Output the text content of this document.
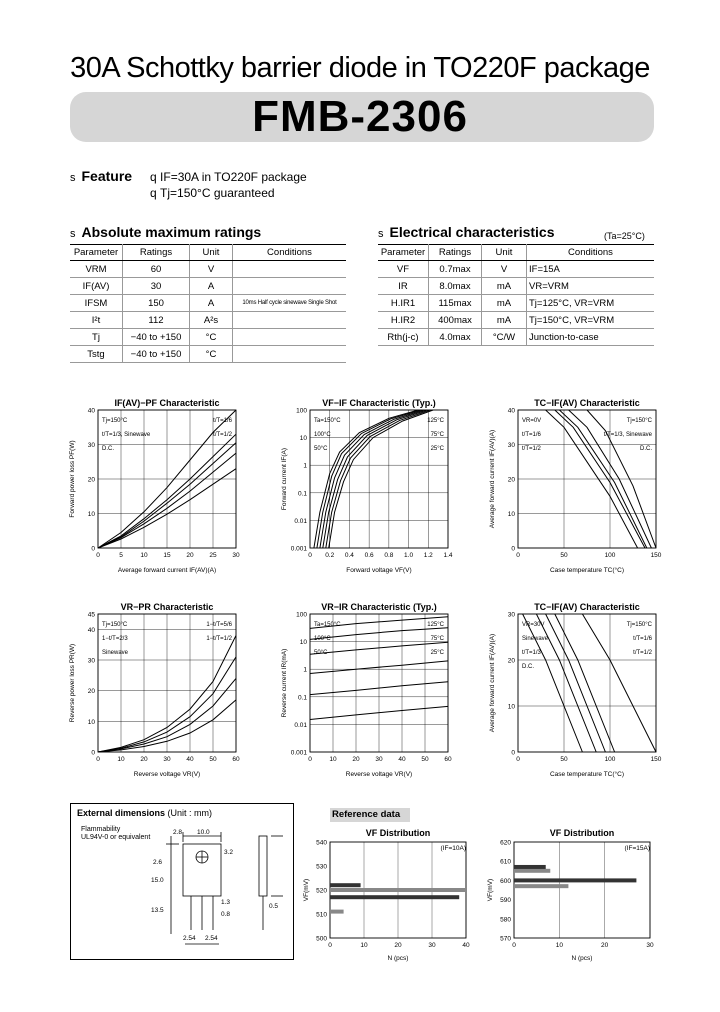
30A Schottky barrier diode in TO220F package
FMB-2306
s Feature q IF=30A in TO220F package
q Tj=150°C guaranteed
s Absolute maximum ratings
Parameter	Ratings	Unit	Conditions
VRM	60	V	
IF(AV)	30	A	
IFSM	150	A	10ms Half cycle sinewave Single Shot
I²t	112	A²s	
Tj	−40 to +150	°C	
Tstg	−40 to +150	°C	
s Electrical characteristics	(Ta=25°C)
Parameter	Ratings	Unit	Conditions
VF	0.7max	V	IF=15A
IR	8.0max	mA	VR=VRM
H.IR1	115max	mA	Tj=125°C, VR=VRM
H.IR2	400max	mA	Tj=150°C, VR=VRM
Rth(j-c)	4.0max	°C/W	Junction-to-case
IF(AV)−PF Characteristic
0	5	10 15 20 25 30
0
10
20
30
40
Average forward current IF(AV)(A)
Forward power loss PF(W)
Tj=150°C	t/T=1/6
t/T=1/3, Sinewave	t/T=1/2
D.C.
VF−IF Characteristic (Typ.)
0 0.2 0.4 0.6 0.8 1.0 1.2 1.4
0.001
0.01
0.1
1
10
100
Forward voltage VF(V)
Forward current IF(A)
Ta=150°C	125°C
100°C	75°C
50°C	25°C
TC−IF(AV) Characteristic
0	50	100	150
0
10
20
30
40
Case temperature TC(°C)
Average forward current IF(AV)(A)
VR=0V	Tj=150°C
t/T=1/6	t/T=1/3, Sinewave
t/T=1/2	D.C.
VR−PR Characteristic
0	10 20 30 40 50 60
0
10
20
30
40
45
Reverse voltage VR(V)
Reverse power loss PR(W)
Tj=150°C	1−t/T=5/6
1−t/T=2/3	1−t/T=1/2
Sinewave
VR−IR Characteristic (Typ.)
0	10 20 30 40 50 60
0.001
0.01
0.1
1
10
100
Reverse voltage VR(V)
Reverse current IR(mA)
Ta=150°C	125°C
100°C	75°C
50°C	25°C
TC−IF(AV) Characteristic
0	50	100	150
0
10
20
30
Case temperature TC(°C)
Average forward current IF(AV)(A)
VR=30V	Tj=150°C
Sinewave	t/T=1/6
t/T=1/3	t/T=1/2
D.C.
VF Distribution
(IF=10A)
0	10	20	30	40
500
510
520
530
540
N (pcs)
VF(mV)
VF Distribution
(IF=15A)
0	10	20	30
570
580
590
600
610
620
N (pcs)
VF(mV)
External dimensions (Unit : mm)
Flammability
UL94V-0 or equivalent
2.8 10.0
3.2
2.6
15.0
13.5
1.3
0.8
0.5
2.54 2.54
Reference data
